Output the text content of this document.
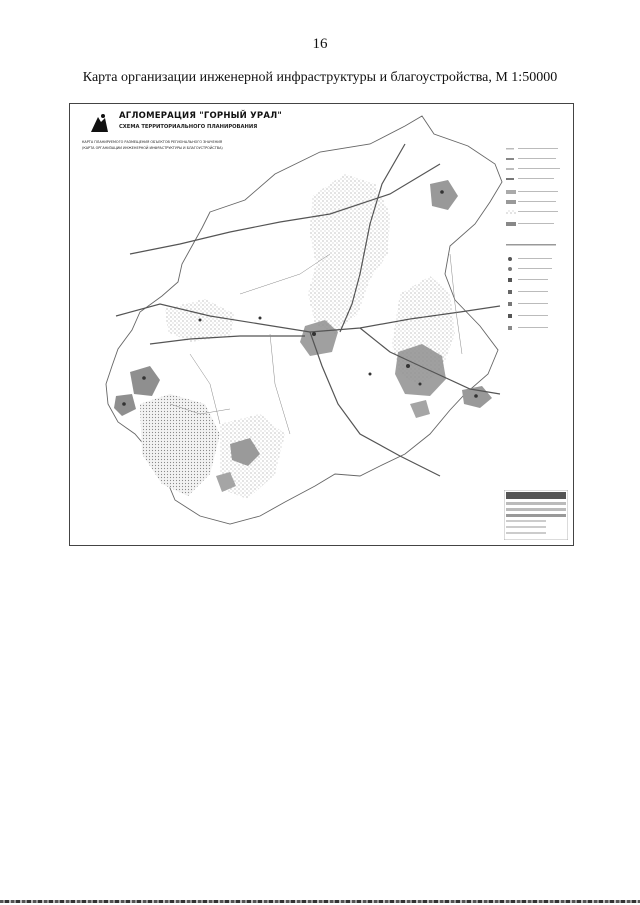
16
Карта организации инженерной инфраструктуры и благоустройства, М 1:50000
АГЛОМЕРАЦИЯ "ГОРНЫЙ УРАЛ"
СХЕМА ТЕРРИТОРИАЛЬНОГО ПЛАНИРОВАНИЯ
КАРТА ПЛАНИРУЕМОГО РАЗМЕЩЕНИЯ ОБЪЕКТОВ РЕГИОНАЛЬНОГО ЗНАЧЕНИЯ
(КАРТА ОРГАНИЗАЦИИ ИНЖЕНЕРНОЙ ИНФРАСТРУКТУРЫ И БЛАГОУСТРОЙСТВА)
